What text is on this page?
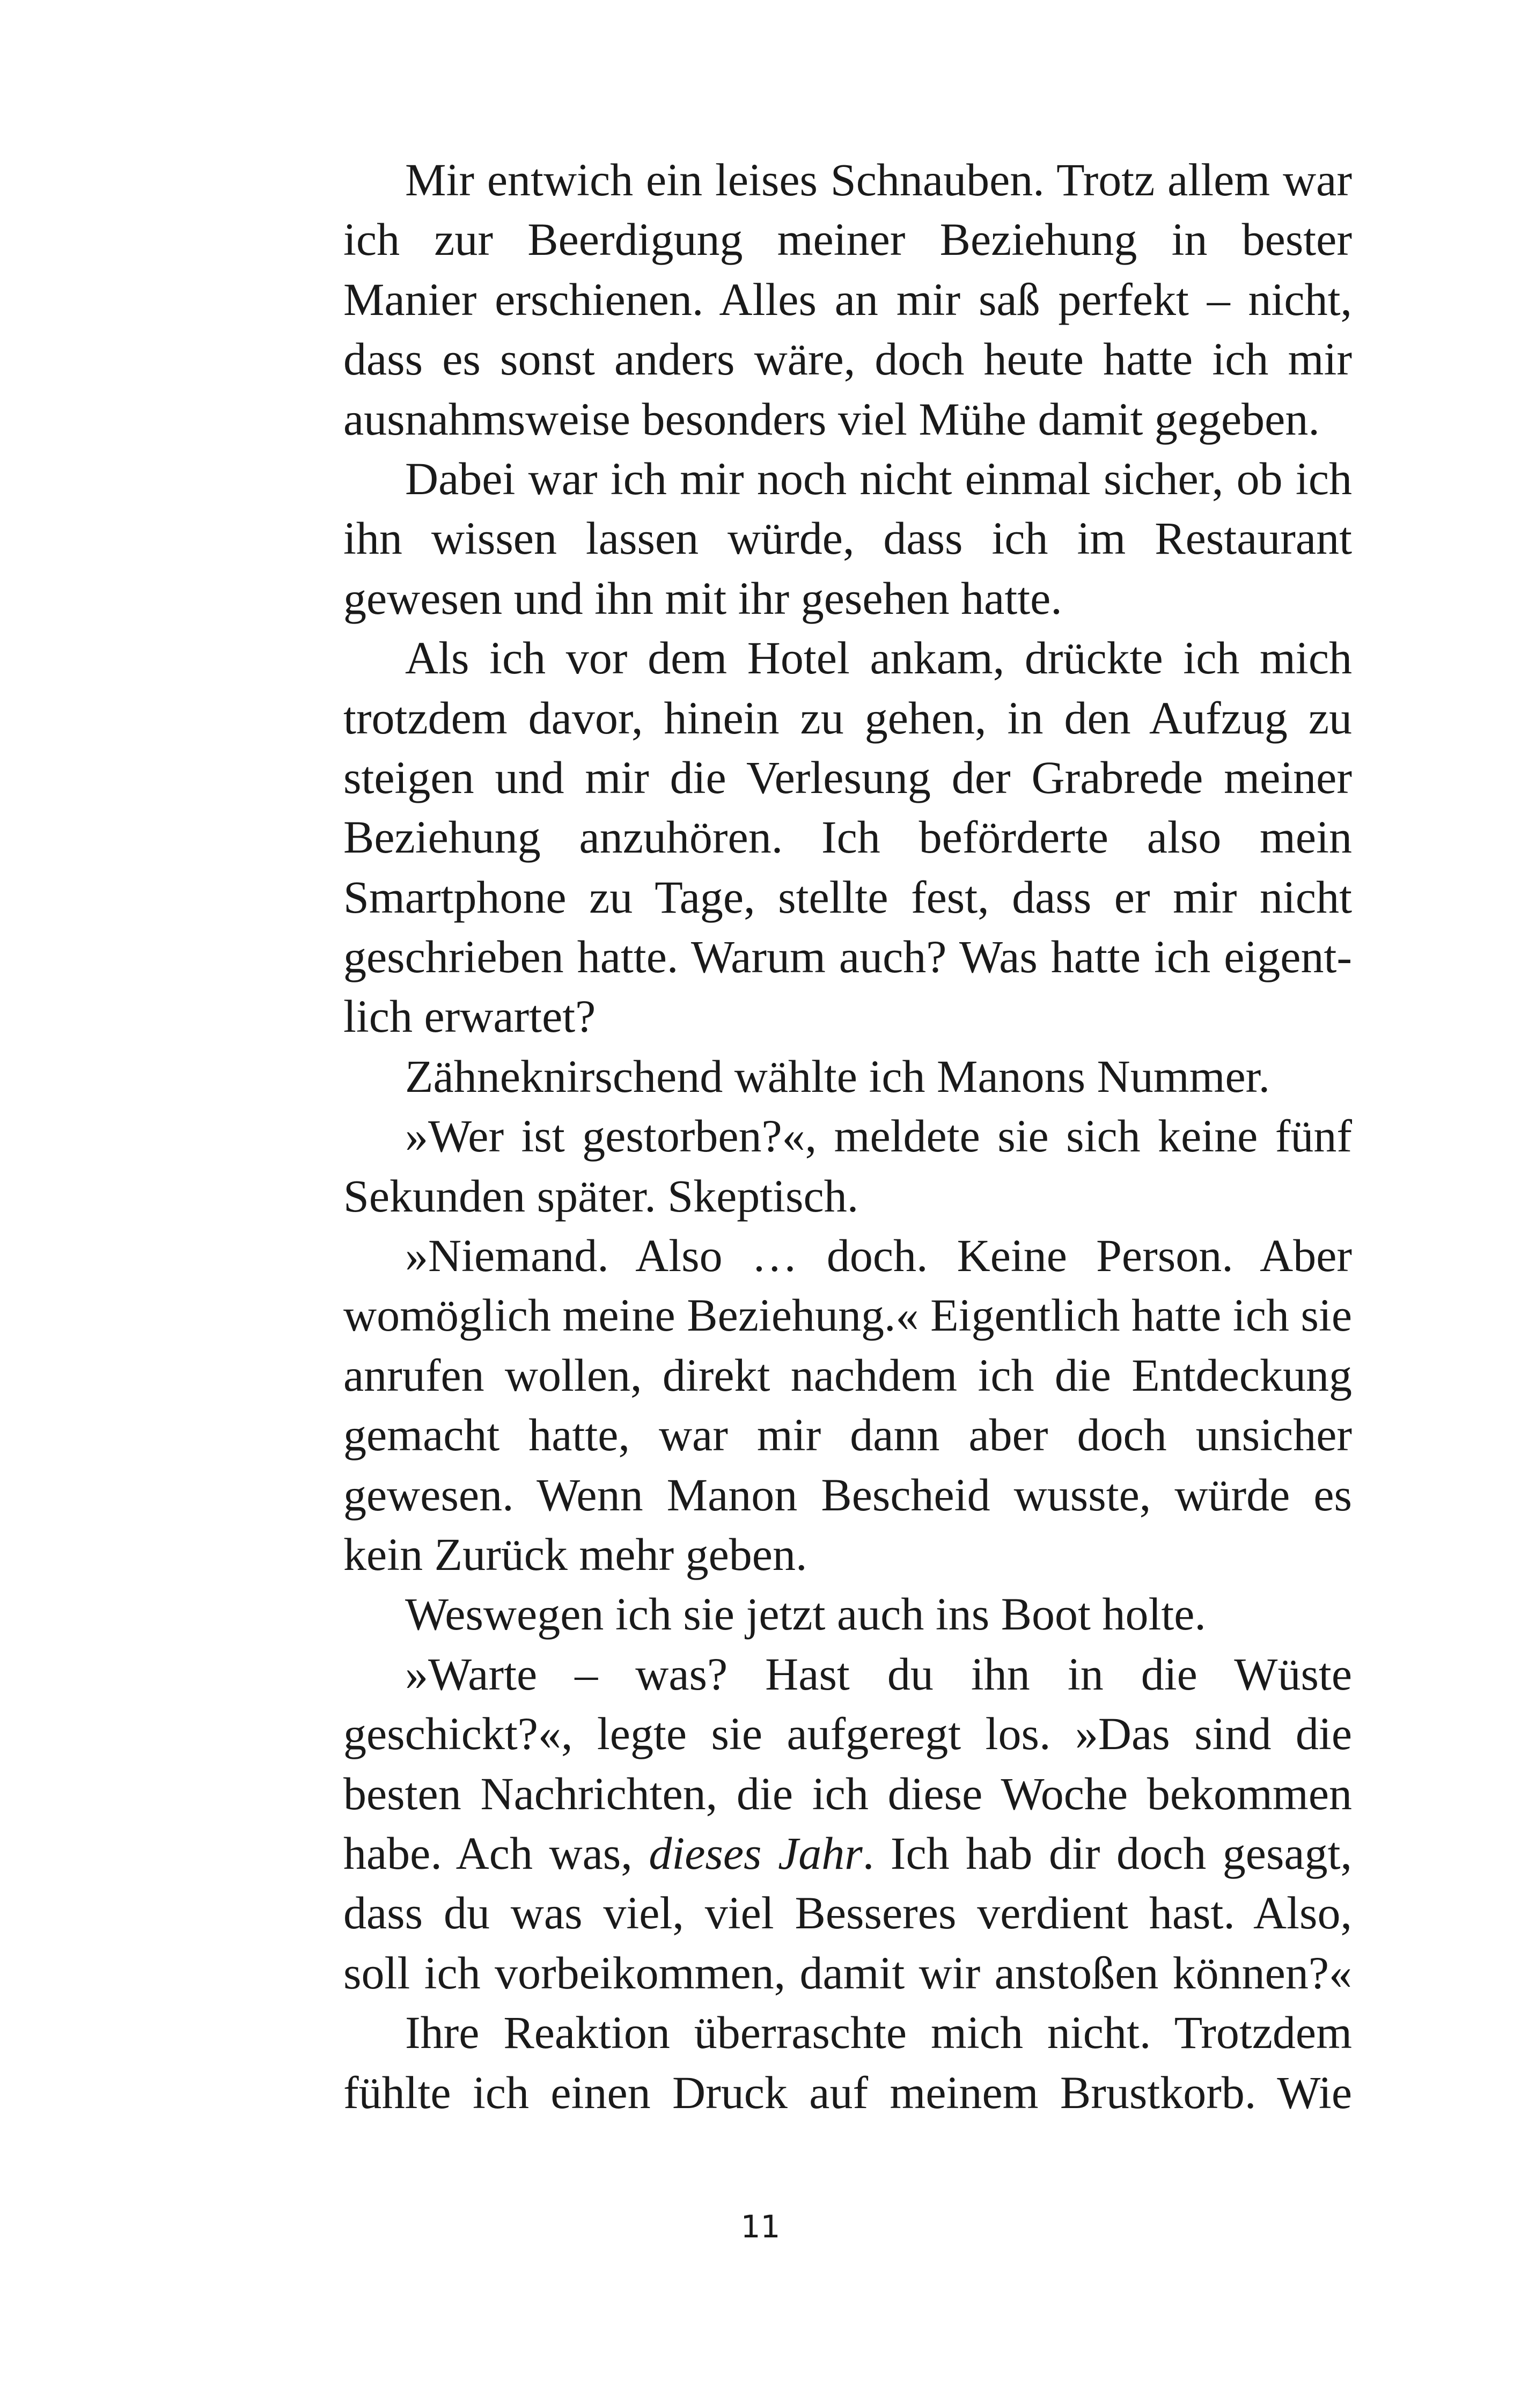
Mir entwich ein leises Schnauben. Trotz allem war
ich zur Beerdigung meiner Beziehung in bester
Manier erschienen. Alles an mir saß perfekt – nicht,
dass es sonst anders wäre, doch heute hatte ich mir
ausnahmsweise besonders viel Mühe damit gegeben.
Dabei war ich mir noch nicht einmal sicher, ob ich
ihn wissen lassen würde, dass ich im Restaurant
gewesen und ihn mit ihr gesehen hatte.
Als ich vor dem Hotel ankam, drückte ich mich
trotzdem davor, hinein zu gehen, in den Aufzug zu
steigen und mir die Verlesung der Grabrede meiner
Beziehung anzuhören. Ich beförderte also mein
Smartphone zu Tage, stellte fest, dass er mir nicht
geschrieben hatte. Warum auch? Was hatte ich eigent-
lich erwartet?
Zähneknirschend wählte ich Manons Nummer.
»Wer ist gestorben?«, meldete sie sich keine fünf
Sekunden später. Skeptisch.
»Niemand. Also … doch. Keine Person. Aber
womöglich meine Beziehung.« Eigentlich hatte ich sie
anrufen wollen, direkt nachdem ich die Entdeckung
gemacht hatte, war mir dann aber doch unsicher
gewesen. Wenn Manon Bescheid wusste, würde es
kein Zurück mehr geben.
Weswegen ich sie jetzt auch ins Boot holte.
»Warte – was? Hast du ihn in die Wüste
geschickt?«, legte sie aufgeregt los. »Das sind die
besten Nachrichten, die ich diese Woche bekommen
habe. Ach was, dieses Jahr. Ich hab dir doch gesagt,
dass du was viel, viel Besseres verdient hast. Also,
soll ich vorbeikommen, damit wir anstoßen können?«
Ihre Reaktion überraschte mich nicht. Trotzdem
fühlte ich einen Druck auf meinem Brustkorb. Wie
11
